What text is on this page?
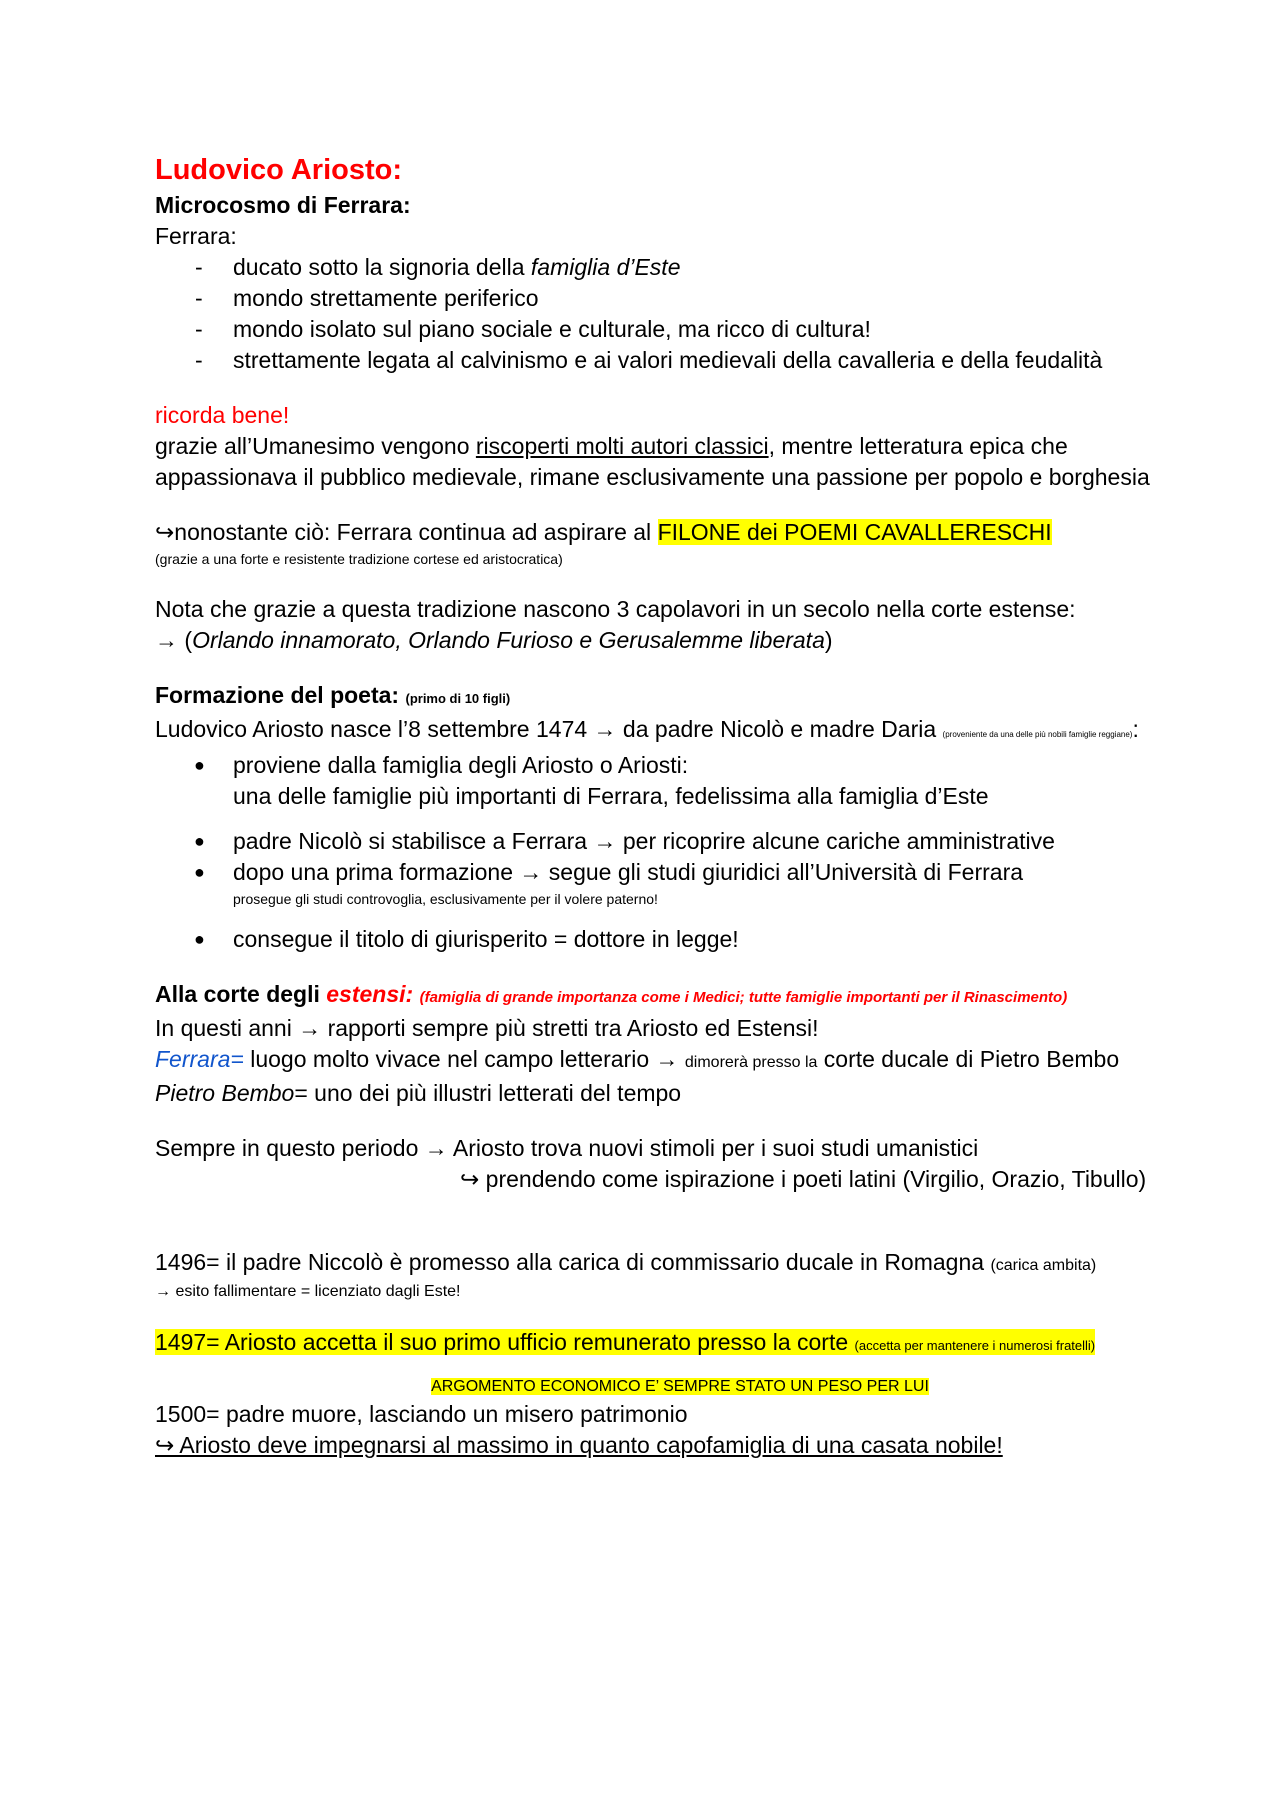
Ludovico Ariosto:
Microcosmo di Ferrara:
Ferrara:
- ducato sotto la signoria della famiglia d’Este
- mondo strettamente periferico
- mondo isolato sul piano sociale e culturale, ma ricco di cultura!
- strettamente legata al calvinismo e ai valori medievali della cavalleria e della feudalità
ricorda bene!
grazie all’Umanesimo vengono riscoperti molti autori classici, mentre letteratura epica che
appassionava il pubblico medievale, rimane esclusivamente una passione per popolo e borghesia
↪nonostante ciò: Ferrara continua ad aspirare al FILONE dei POEMI CAVALLERESCHI
(grazie a una forte e resistente tradizione cortese ed aristocratica)
Nota che grazie a questa tradizione nascono 3 capolavori in un secolo nella corte estense:
→ (Orlando innamorato, Orlando Furioso e Gerusalemme liberata)
Formazione del poeta: (primo di 10 figli)
Ludovico Ariosto nasce l’8 settembre 1474 → da padre Nicolò e madre Daria (proveniente da una delle più nobili famiglie reggiane):
● proviene dalla famiglia degli Ariosto o Ariosti:
una delle famiglie più importanti di Ferrara, fedelissima alla famiglia d’Este
● padre Nicolò si stabilisce a Ferrara → per ricoprire alcune cariche amministrative
● dopo una prima formazione → segue gli studi giuridici all’Università di Ferrara
prosegue gli studi controvoglia, esclusivamente per il volere paterno!
● consegue il titolo di giurisperito = dottore in legge!
Alla corte degli estensi: (famiglia di grande importanza come i Medici; tutte famiglie importanti per il Rinascimento)
In questi anni → rapporti sempre più stretti tra Ariosto ed Estensi!
Ferrara= luogo molto vivace nel campo letterario → dimorerà presso la corte ducale di Pietro Bembo
Pietro Bembo= uno dei più illustri letterati del tempo
Sempre in questo periodo → Ariosto trova nuovi stimoli per i suoi studi umanistici
↪ prendendo come ispirazione i poeti latini (Virgilio, Orazio, Tibullo)
1496= il padre Niccolò è promesso alla carica di commissario ducale in Romagna (carica ambita)
→ esito fallimentare = licenziato dagli Este!
1497= Ariosto accetta il suo primo ufficio remunerato presso la corte (accetta per mantenere i numerosi fratelli)
ARGOMENTO ECONOMICO E’ SEMPRE STATO UN PESO PER LUI
1500= padre muore, lasciando un misero patrimonio
↪ Ariosto deve impegnarsi al massimo in quanto capofamiglia di una casata nobile!
